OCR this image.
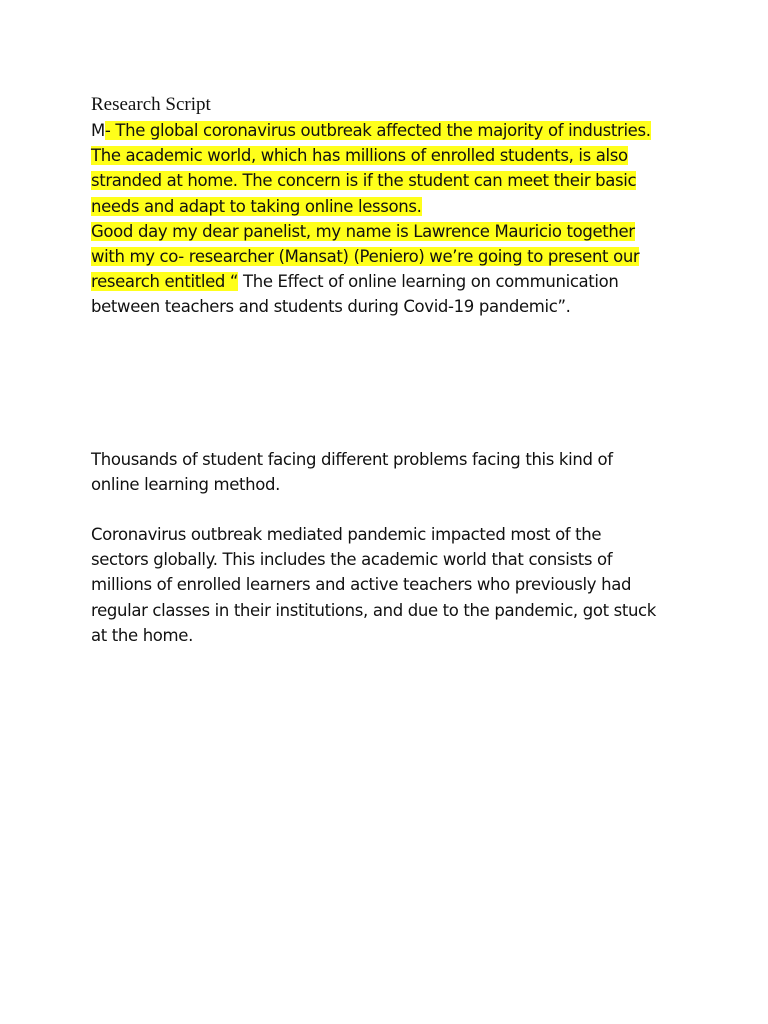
Research Script
M- The global coronavirus outbreak affected the majority of industries.
The academic world, which has millions of enrolled students, is also
stranded at home. The concern is if the student can meet their basic
needs and adapt to taking online lessons.
Good day my dear panelist, my name is Lawrence Mauricio together
with my co- researcher (Mansat) (Peniero) we’re going to present our
research entitled “ The Effect of online learning on communication
between teachers and students during Covid-19 pandemic”.
Thousands of student facing different problems facing this kind of
online learning method.
Coronavirus outbreak mediated pandemic impacted most of the
sectors globally. This includes the academic world that consists of
millions of enrolled learners and active teachers who previously had
regular classes in their institutions, and due to the pandemic, got stuck
at the home.
